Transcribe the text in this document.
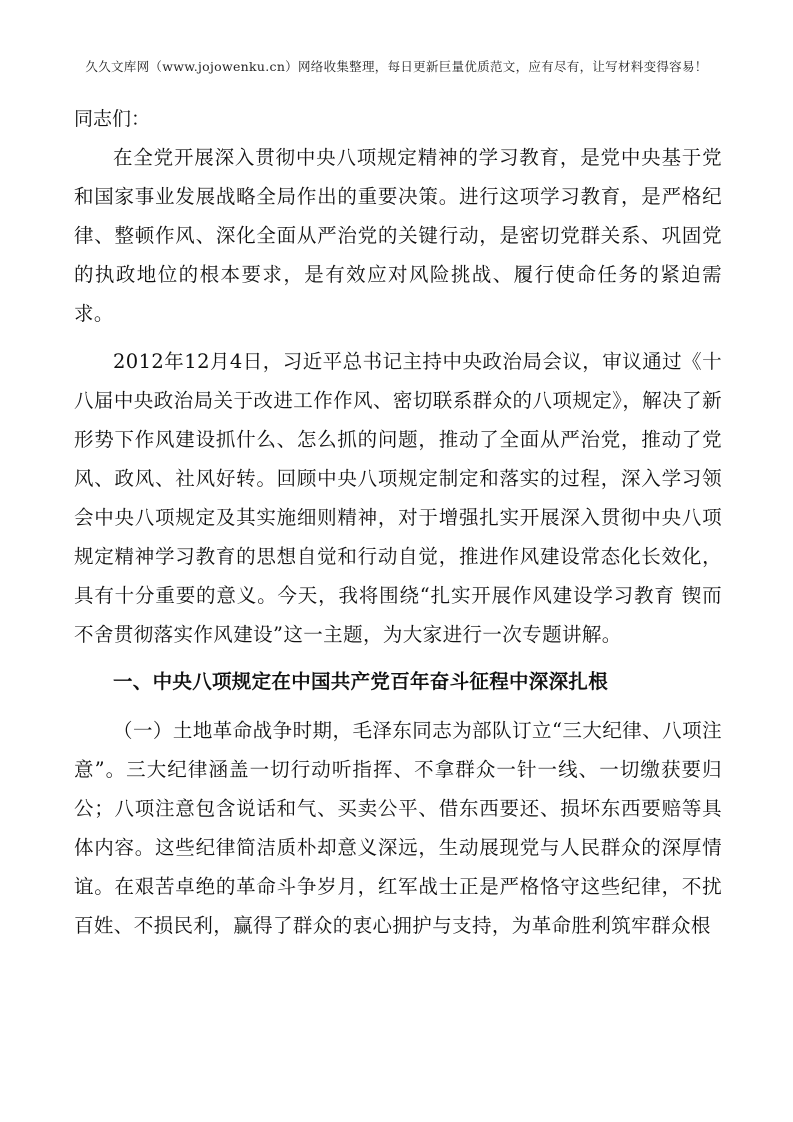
久久文库网（www.jojowenku.cn）网络收集整理，每日更新巨量优质范文，应有尽有，让写材料变得容易！

同志们：

在全党开展深入贯彻中央八项规定精神的学习教育，是党中央基于党和国家事业发展战略全局作出的重要决策。进行这项学习教育，是严格纪律、整顿作风、深化全面从严治党的关键行动，是密切党群关系、巩固党的执政地位的根本要求，是有效应对风险挑战、履行使命任务的紧迫需求。

2012年12月4日，习近平总书记主持中央政治局会议，审议通过《十八届中央政治局关于改进工作作风、密切联系群众的八项规定》，解决了新形势下作风建设抓什么、怎么抓的问题，推动了全面从严治党，推动了党风、政风、社风好转。回顾中央八项规定制定和落实的过程，深入学习领会中央八项规定及其实施细则精神，对于增强扎实开展深入贯彻中央八项规定精神学习教育的思想自觉和行动自觉，推进作风建设常态化长效化，具有十分重要的意义。今天，我将围绕“扎实开展作风建设学习教育 锲而不舍贯彻落实作风建设”这一主题，为大家进行一次专题讲解。

一、中央八项规定在中国共产党百年奋斗征程中深深扎根

（一）土地革命战争时期，毛泽东同志为部队订立“三大纪律、八项注意”。三大纪律涵盖一切行动听指挥、不拿群众一针一线、一切缴获要归公；八项注意包含说话和气、买卖公平、借东西要还、损坏东西要赔等具体内容。这些纪律简洁质朴却意义深远，生动展现党与人民群众的深厚情谊。在艰苦卓绝的革命斗争岁月，红军战士正是严格恪守这些纪律，不扰百姓、不损民利，赢得了群众的衷心拥护与支持，为革命胜利筑牢群众根
